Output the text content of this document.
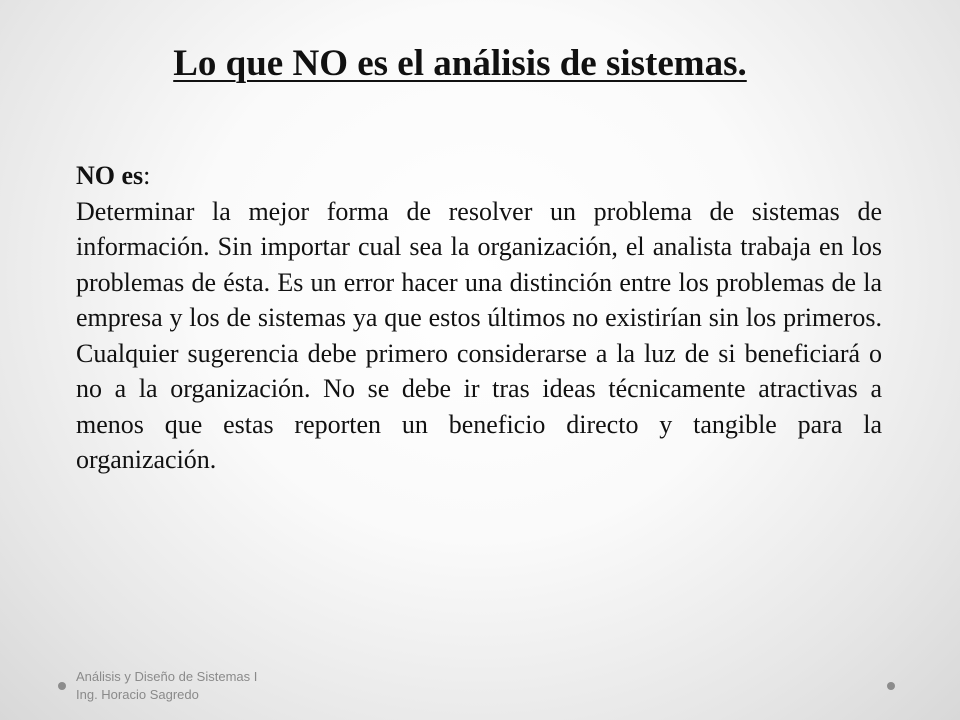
Lo que NO es el análisis de sistemas.

NO es:

Determinar la mejor forma de resolver un problema de sistemas de información. Sin importar cual sea la organización, el analista trabaja en los problemas de ésta. Es un error hacer una distinción entre los problemas de la empresa y los de sistemas ya que estos últimos no existirían sin los primeros. Cualquier sugerencia debe primero considerarse a la luz de si beneficiará o no a la organización. No se debe ir tras ideas técnicamente atractivas a menos que estas reporten un beneficio directo y tangible para la organización.

Análisis y Diseño de Sistemas I
Ing. Horacio Sagredo
